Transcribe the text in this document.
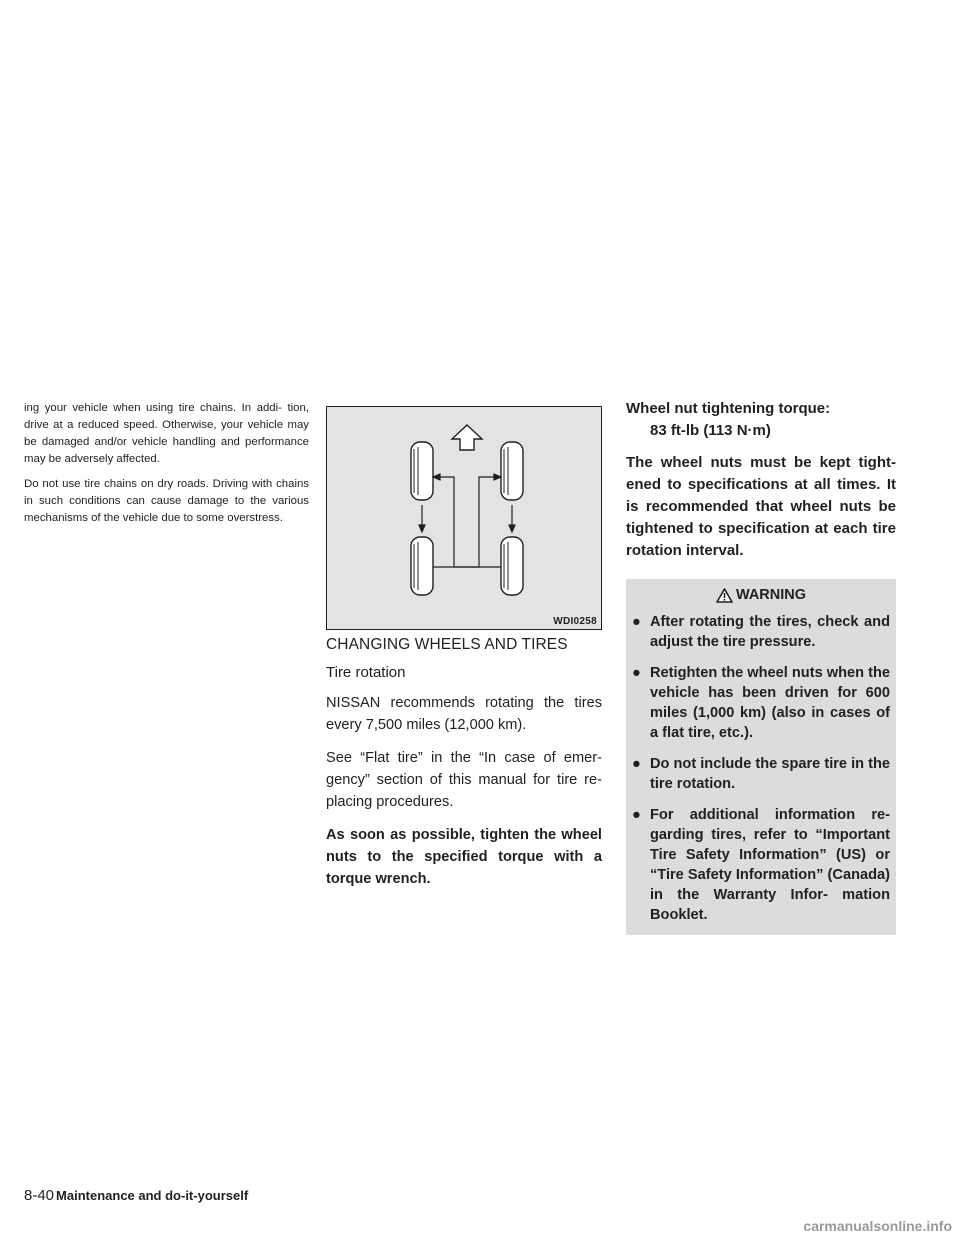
ing your vehicle when using tire chains. In addi- tion, drive at a reduced speed. Otherwise, your vehicle may be damaged and/or vehicle handling and performance may be adversely affected.

Do not use tire chains on dry roads. Driving with chains in such conditions can cause damage to the various mechanisms of the vehicle due to some overstress.

WDI0258
CHANGING WHEELS AND TIRES
Tire rotation

NISSAN recommends rotating the tires every 7,500 miles (12,000 km).

See “Flat tire” in the “In case of emer- gency” section of this manual for tire re- placing procedures.

As soon as possible, tighten the wheel nuts to the specified torque with a torque wrench.

Wheel nut tightening torque:

83 ft-lb (113 N·m)

The wheel nuts must be kept tight- ened to specifications at all times. It is recommended that wheel nuts be tightened to specification at each tire rotation interval.

WARNING
● After rotating the tires, check and adjust the tire pressure.
● Retighten the wheel nuts when the vehicle has been driven for 600 miles (1,000 km) (also in cases of a flat tire, etc.).
● Do not include the spare tire in the tire rotation.
● For additional information re- garding tires, refer to “Important Tire Safety Information” (US) or “Tire Safety Information” (Canada) in the Warranty Infor- mation Booklet.
8-40 Maintenance and do-it-yourself
carmanualsonline.info
